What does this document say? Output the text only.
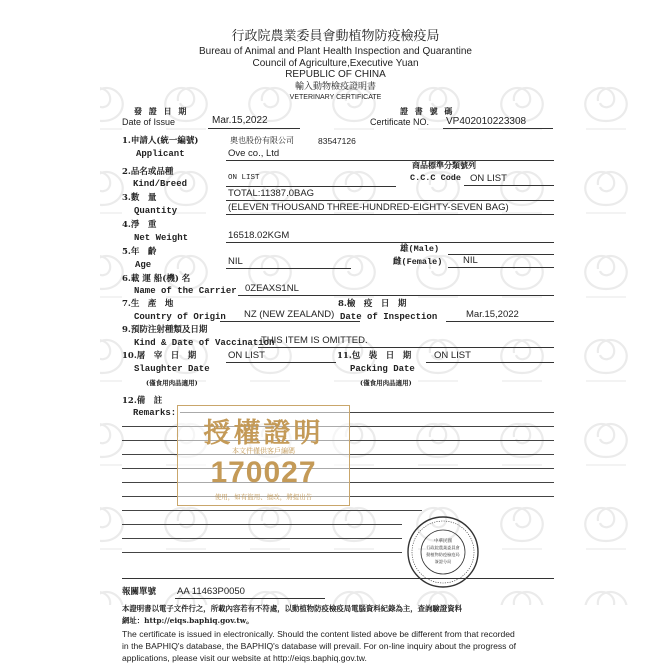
行政院農業委員會動植物防疫檢疫局
Bureau of Animal and Plant Health Inspection and Quarantine
Council of Agriculture,Executive Yuan
REPUBLIC OF CHINA
輸入動物檢疫證明書
VETERINARY CERTIFICATE
發 證 日 期
Date of Issue	Mar.15,2022
證 書 號 碼
Certificate NO. VP402010223308
1.申請人(統一編號)
Applicant
奧也股份有限公司	83547126
Ove co., Ltd
2.品名或品種
Kind/Breed
ON LIST
商品標準分類號列
C.C.C Code ON LIST
3.數　量
Quantity
TOTAL:11387.0BAG
(ELEVEN THOUSAND THREE-HUNDRED-EIGHTY-SEVEN BAG)
4.淨　重
Net Weight	16518.02KGM
5.年　齡
Age	NIL
雄(Male)
雌(Female) NIL
6.載 運 船(機) 名
Name of the Carrier 0ZEAXS1NL
7.生　產　地
Country of Origin NZ (NEW ZEALAND)
8.檢　疫　日　期
Date of Inspection	Mar.15,2022
9.預防注射種類及日期
Kind & Date of Vaccination
THIS ITEM IS OMITTED.
10.屠　宰　日　期	ON LIST
Slaughter Date
(僅食用肉品適用)
11.包　裝　日　期 ON LIST
Packing Date
(僅食用肉品適用)
12.備　註
Remarks:
授權證明
本文件僅供客戶編碼
170027
使用，如有盜用、擅改，將提出告
中華民國
行政院農業委員會
動植物防疫檢疫局
簽證分局
報關單號 AA 11463P0050
本證明書以電子文件行之，所載內容若有不符處，以動植物防疫檢疫局電腦資料紀錄為主，查詢驗證資料
網址：http://eiqs.baphiq.gov.tw。
The certificate is issued in electronically. Should the content listed above be different from that recorded
in the BAPHIQ's database, the BAPHIQ's database will prevail. For on-line inquiry about the progress of
applications, please visit our website at http://eiqs.baphiq.gov.tw.
